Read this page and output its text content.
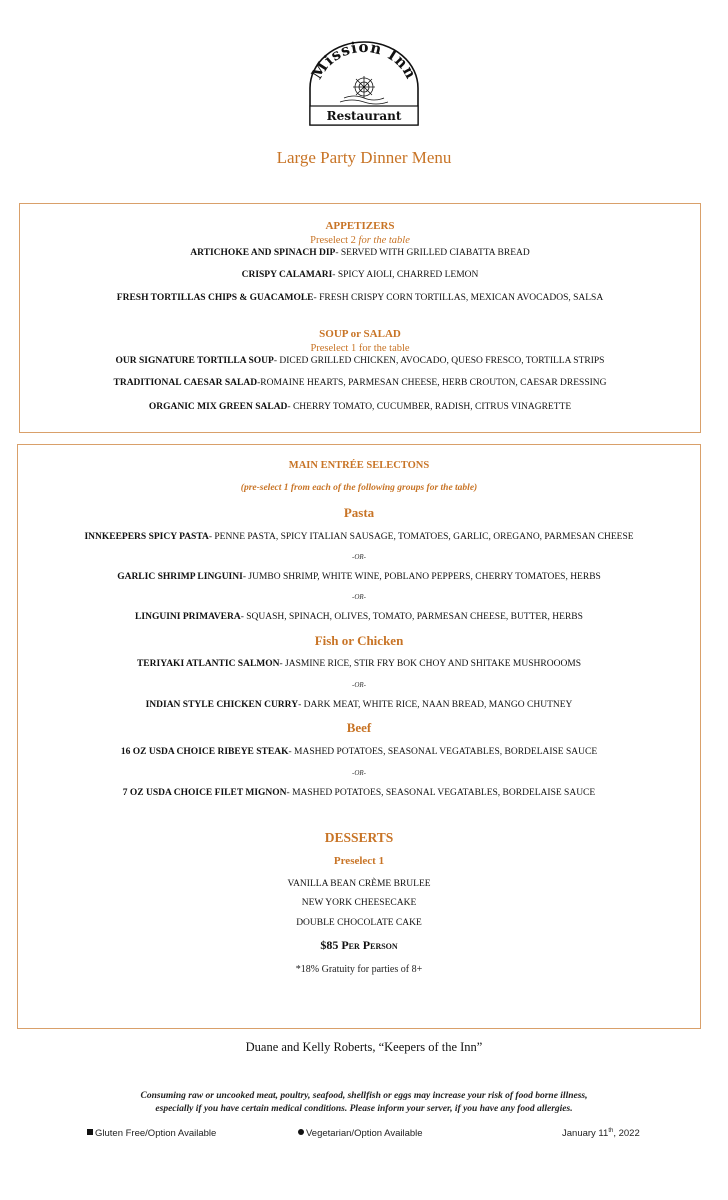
Mission Inn
Restaurant
Large Party Dinner Menu
APPETIZERS
Preselect 2 for the table
ARTICHOKE AND SPINACH DIP- SERVED WITH GRILLED CIABATTA BREAD
CRISPY CALAMARI- SPICY AIOLI, CHARRED LEMON
FRESH TORTILLAS CHIPS & GUACAMOLE- FRESH CRISPY CORN TORTILLAS, MEXICAN AVOCADOS, SALSA
SOUP or SALAD
Preselect 1 for the table
OUR SIGNATURE TORTILLA SOUP- DICED GRILLED CHICKEN, AVOCADO, QUESO FRESCO, TORTILLA STRIPS
TRADITIONAL CAESAR SALAD-ROMAINE HEARTS, PARMESAN CHEESE, HERB CROUTON, CAESAR DRESSING
ORGANIC MIX GREEN SALAD- CHERRY TOMATO, CUCUMBER, RADISH, CITRUS VINAGRETTE
MAIN ENTRÉE SELECTONS
(pre-select 1 from each of the following groups for the table)
Pasta
INNKEEPERS SPICY PASTA- PENNE PASTA, SPICY ITALIAN SAUSAGE, TOMATOES, GARLIC, OREGANO, PARMESAN CHEESE
-OR-
GARLIC SHRIMP LINGUINI- JUMBO SHRIMP, WHITE WINE, POBLANO PEPPERS, CHERRY TOMATOES, HERBS
-OR-
LINGUINI PRIMAVERA- SQUASH, SPINACH, OLIVES, TOMATO, PARMESAN CHEESE, BUTTER, HERBS
Fish or Chicken
TERIYAKI ATLANTIC SALMON- JASMINE RICE, STIR FRY BOK CHOY AND SHITAKE MUSHROOOMS
-OR-
INDIAN STYLE CHICKEN CURRY- DARK MEAT, WHITE RICE, NAAN BREAD, MANGO CHUTNEY
Beef
16 OZ USDA CHOICE RIBEYE STEAK- MASHED POTATOES, SEASONAL VEGATABLES, BORDELAISE SAUCE
-OR-
7 OZ USDA CHOICE FILET MIGNON- MASHED POTATOES, SEASONAL VEGATABLES, BORDELAISE SAUCE
DESSERTS
Preselect 1
VANILLA BEAN CRÈME BRULEE
NEW YORK CHEESECAKE
DOUBLE CHOCOLATE CAKE
$85 Per Person
*18% Gratuity for parties of 8+
Duane and Kelly Roberts, “Keepers of the Inn”
Consuming raw or uncooked meat, poultry, seafood, shellfish or eggs may increase your risk of food borne illness,
especially if you have certain medical conditions. Please inform your server, if you have any food allergies.
Gluten Free/Option Available	Vegetarian/Option Available	January 11th, 2022
